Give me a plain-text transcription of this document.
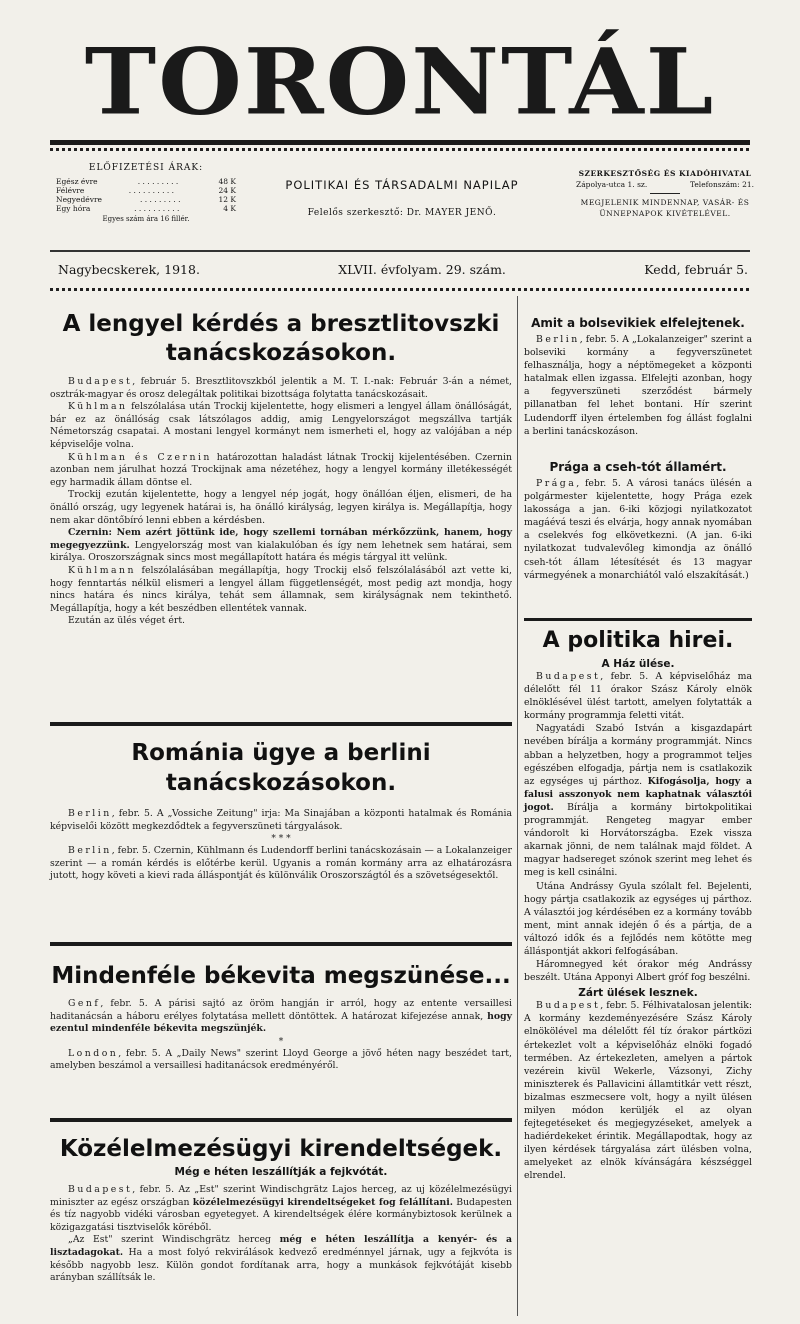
TORONTÁL
ELŐFIZETÉSI ÁRAK:
Egész évre	. . . . . . . . .	48 K
Félévre	. . . . . . . . . .	24 K
Negyedévre	. . . . . . . . .	12 K
Egy hóra	. . . . . . . . . .	4 K
Egyes szám ára 16 fillér.
POLITIKAI ÉS TÁRSADALMI NAPILAP
Felelős szerkesztő: Dr. MAYER JENŐ.
SZERKESZTŐSÉG ÉS KIADÓHIVATAL
Zápolya-utca 1. sz.	Telefonszám: 21.
MEGJELENIK MINDENNAP, VASÁR- ÉS ÜNNEPNAPOK KIVÉTELÉVEL.
Nagybecskerek, 1918.	XLVII. évfolyam. 29. szám.	Kedd, február 5.
A lengyel kérdés a bresztlitovszki tanácskozásokon.

Budapest, február 5. Bresztlitovszkból jelentik a M. T. I.-nak: Február 3-án a német, osztrák-magyar és orosz delegáltak politikai bizottsága folytatta tanácskozásait.

Kühlman felszólalása után Trockij kijelentette, hogy elismeri a lengyel állam önállóságát, bár ez az önállóság csak látszólagos addig, amig Lengyelországot megszállva tartják Németország csapatai. A mostani lengyel kormányt nem ismerheti el, hogy az valójában a nép képviselője volna.

Kühlman és Czernin határozottan haladást látnak Trockij kijelentésében. Czernin azonban nem járulhat hozzá Trockijnak ama nézetéhez, hogy a lengyel kormány illetékességét egy harmadik állam döntse el.

Trockij ezután kijelentette, hogy a lengyel nép jogát, hogy önállóan éljen, elismeri, de ha önálló ország, ugy legyenek határai is, ha önálló királyság, legyen királya is. Megállapítja, hogy nem akar döntőbíró lenni ebben a kérdésben.

Czernin: Nem azért jöttünk ide, hogy szellemi tornában mérkőzzünk, hanem, hogy megegyezzünk. Lengyelország most van kialakulóban és így nem lehetnek sem határai, sem királya. Oroszországnak sincs most megállapított határa és mégis tárgyal itt velünk.

Kühlmann felszólalásában megállapítja, hogy Trockij első felszólalásából azt vette ki, hogy fenntartás nélkül elismeri a lengyel állam függetlenségét, most pedig azt mondja, hogy nincs határa és nincs királya, tehát sem államnak, sem királyságnak nem tekinthető. Megállapítja, hogy a két beszédben ellentétek vannak.

Ezután az ülés véget ért.

Románia ügye a berlini tanácskozásokon.

Berlin, febr. 5. A „Vossiche Zeitung" irja: Ma Sinajában a központi hatalmak és Románia képviselői között megkezdődtek a fegyverszüneti tárgyalások.

* * *

Berlin, febr. 5. Czernin, Kühlmann és Ludendorff berlini tanácskozásain — a Lokalanzeiger szerint — a román kérdés is előtérbe kerül. Ugyanis a román kormány arra az elhatározásra jutott, hogy követi a kievi rada álláspontját és különválik Oroszországtól és a szövetségesektől.

Mindenféle békevita megszünése...

Genf, febr. 5. A párisi sajtó az öröm hangján ir arról, hogy az entente versaillesi haditanácsán a háboru erélyes folytatása mellett döntöttek. A határozat kifejezése annak, hogy ezentul mindenféle békevita megszünjék.

*

London, febr. 5. A „Daily News" szerint Lloyd George a jövő héten nagy beszédet tart, amelyben beszámol a versaillesi haditanácsok eredményéről.

Közélelmezésügyi kirendeltségek.
Még e héten leszállítják a fejkvótát.

Budapest, febr. 5. Az „Est" szerint Windischgrätz Lajos herceg, az uj közélelmezésügyi miniszter az egész országban közélelmezésügyi kirendeltségeket fog felállítani. Budapesten és tíz nagyobb vidéki városban egyetegyet. A kirendeltségek élére kormánybiztosok kerülnek a közigazgatási tisztviselők köréből.

„Az Est" szerint Windischgrätz herceg még e héten leszállítja a kenyér- és a lisztadagokat. Ha a most folyó rekvirálások kedvező eredménnyel járnak, ugy a fejkvóta is később nagyobb lesz. Külön gondot fordítanak arra, hogy a munkások fejkvótáját kisebb arányban szállítsák le.

Amit a bolsevikiek elfelejtenek.

Berlin, febr. 5. A „Lokalanzeiger" szerint a bolseviki kormány a fegyverszünetet felhasználja, hogy a néptömegeket a központi hatalmak ellen izgassa. Elfelejti azonban, hogy a fegyverszüneti szerződést bármely pillanatban fel lehet bontani. Hír szerint Ludendorff ilyen értelemben fog állást foglalni a berlini tanácskozáson.

Prága a cseh-tót államért.

Prága, febr. 5. A városi tanács ülésén a polgármester kijelentette, hogy Prága ezek lakossága a jan. 6-iki közjogi nyilatkozatot magáévá teszi és elvárja, hogy annak nyomában a cselekvés fog elkövetkezni. (A jan. 6-iki nyilatkozat tudvalevőleg kimondja az önálló cseh-tót állam létesítését és 13 magyar vármegyének a monarchiától való elszakítását.)

A politika hirei.
A Ház ülése.

Budapest, febr. 5. A képviselőház ma délelőtt fél 11 órakor Szász Károly elnök elnöklésével ülést tartott, amelyen folytatták a kormány programmja feletti vitát.

Nagyatádi Szabó István a kisgazdapárt nevében bírálja a kormány programmját. Nincs abban a helyzetben, hogy a programmot teljes egészében elfogadja, pártja nem is csatlakozik az egységes uj párthoz. Kifogásolja, hogy a falusi asszonyok nem kaphatnak választói jogot. Bírálja a kormány birtokpolitikai programmját. Rengeteg magyar ember vándorolt ki Horvátországba. Ezek vissza akarnak jönni, de nem találnak majd földet. A magyar hadsereget szónok szerint meg lehet és meg is kell csinálni.

Utána Andrássy Gyula szólalt fel. Bejelenti, hogy pártja csatlakozik az egységes uj párthoz. A választói jog kérdésében ez a kormány tovább ment, mint annak idején ő és a pártja, de a változó idők és a fejlődés nem kötötte meg álláspontját akkori felfogásában.

Háromnegyed két órakor még Andrássy beszélt. Utána Apponyi Albert gróf fog beszélni.

Zárt ülések lesznek.

Budapest, febr. 5. Félhivatalosan jelentik: A kormány kezdeményezésére Szász Károly elnökölével ma délelőtt fél tíz órakor pártközi értekezlet volt a képviselőház elnöki fogadó termében. Az értekezleten, amelyen a pártok vezérein kivül Wekerle, Vázsonyi, Zichy miniszterek és Pallavicini államtitkár vett részt, bizalmas eszmecsere volt, hogy a nyilt ülésen milyen módon kerüljék el az olyan fejtegetéseket és megjegyzéseket, amelyek a hadiérdekeket érintik. Megállapodtak, hogy az ilyen kérdések tárgyalása zárt ülésben volna, amelyeket az elnök kívánságára készséggel elrendel.
